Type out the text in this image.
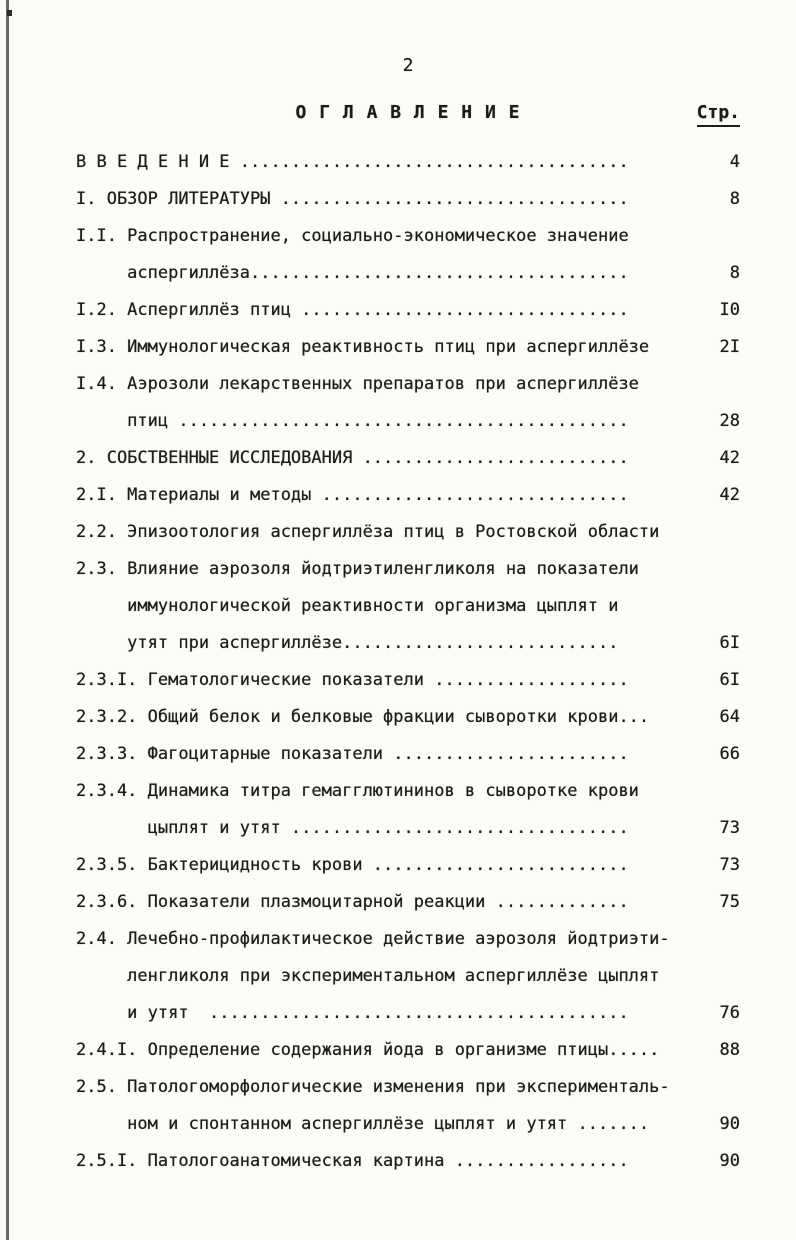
2
О Г Л А В Л Е Н И Е	Стр.
В В Е Д Е Н И Е ......................................	4
I. ОБЗОР ЛИТЕРАТУРЫ ..................................	8
I.I. Распространение, социально-экономическое значение
аспергиллёза.....................................	8
I.2. Аспергиллёз птиц ................................	I0
I.3. Иммунологическая реактивность птиц при аспергиллёзе	2I
I.4. Аэрозоли лекарственных препаратов при аспергиллёзе
птиц ............................................	28
2. СОБСТВЕННЫЕ ИССЛЕДОВАНИЯ ..........................	42
2.I. Материалы и методы ..............................	42
2.2. Эпизоотология аспергиллёза птиц в Ростовской области
2.3. Влияние аэрозоля йодтриэтиленгликоля на показатели
иммунологической реактивности организма цыплят и
утят при аспергиллёзе...........................	6I
2.3.I. Гематологические показатели ...................	6I
2.3.2. Общий белок и белковые фракции сыворотки крови...	64
2.3.3. Фагоцитарные показатели .......................	66
2.3.4. Динамика титра гемагглютининов в сыворотке крови
цыплят и утят .................................	73
2.3.5. Бактерицидность крови .........................	73
2.3.6. Показатели плазмоцитарной реакции .............	75
2.4. Лечебно-профилактическое действие аэрозоля йодтриэти-
ленгликоля при экспериментальном аспергиллёзе цыплят
и утят  .........................................	76
2.4.I. Определение содержания йода в организме птицы.....	88
2.5. Патологоморфологические изменения при эксперименталь-
ном и спонтанном аспергиллёзе цыплят и утят .......	90
2.5.I. Патологоанатомическая картина .................	90
